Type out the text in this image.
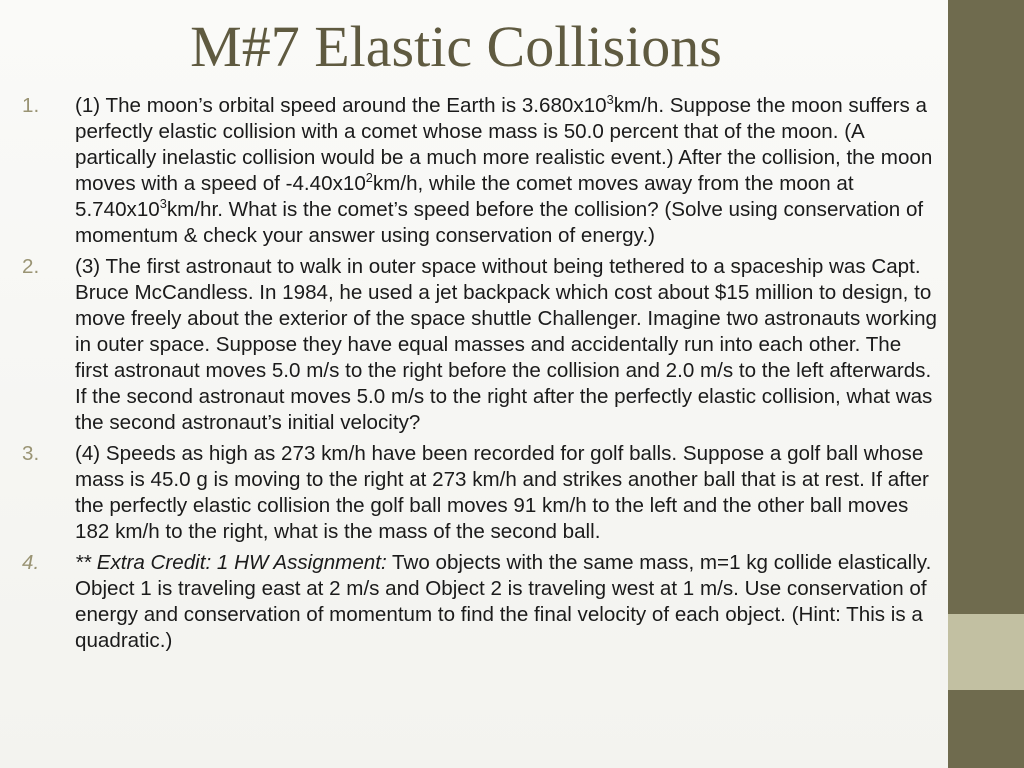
M#7 Elastic Collisions
1.	(1) The moon’s orbital speed around the Earth is $3.680x10^3km/h$. Suppose the moon suffers a perfectly elastic collision with a comet whose mass is 50.0 percent that of the moon. (A partically inelastic collision would be a much more realistic event.) After the collision, the moon moves with a speed of $-4.40x10^2km/h$, while the comet moves away from the moon at $5.740x10^3km/hr$. What is the comet’s speed before the collision? (Solve using conservation of momentum & check your answer using conservation of energy.)
2.	(3) The first astronaut to walk in outer space without being tethered to a spaceship was Capt. Bruce McCandless. In 1984, he used a jet backpack which cost about $15 million to design, to move freely about the exterior of the space shuttle Challenger. Imagine two astronauts working in outer space. Suppose they have equal masses and accidentally run into each other. The first astronaut moves 5.0 m/s to the right before the collision and 2.0 m/s to the left afterwards. If the second astronaut moves 5.0 m/s to the right after the perfectly elastic collision, what was the second astronaut’s initial velocity?
3.	(4) Speeds as high as 273 km/h have been recorded for golf balls. Suppose a golf ball whose mass is 45.0 g is moving to the right at 273 km/h and strikes another ball that is at rest. If after the perfectly elastic collision the golf ball moves 91 km/h to the left and the other ball moves 182 km/h to the right, what is the mass of the second ball.
4.	** Extra Credit: 1 HW Assignment: Two objects with the same mass, m=1 kg collide elastically. Object 1 is traveling east at 2 m/s and Object 2 is traveling west at 1 m/s. Use conservation of energy and conservation of momentum to find the final velocity of each object. (Hint: This is a quadratic.)
